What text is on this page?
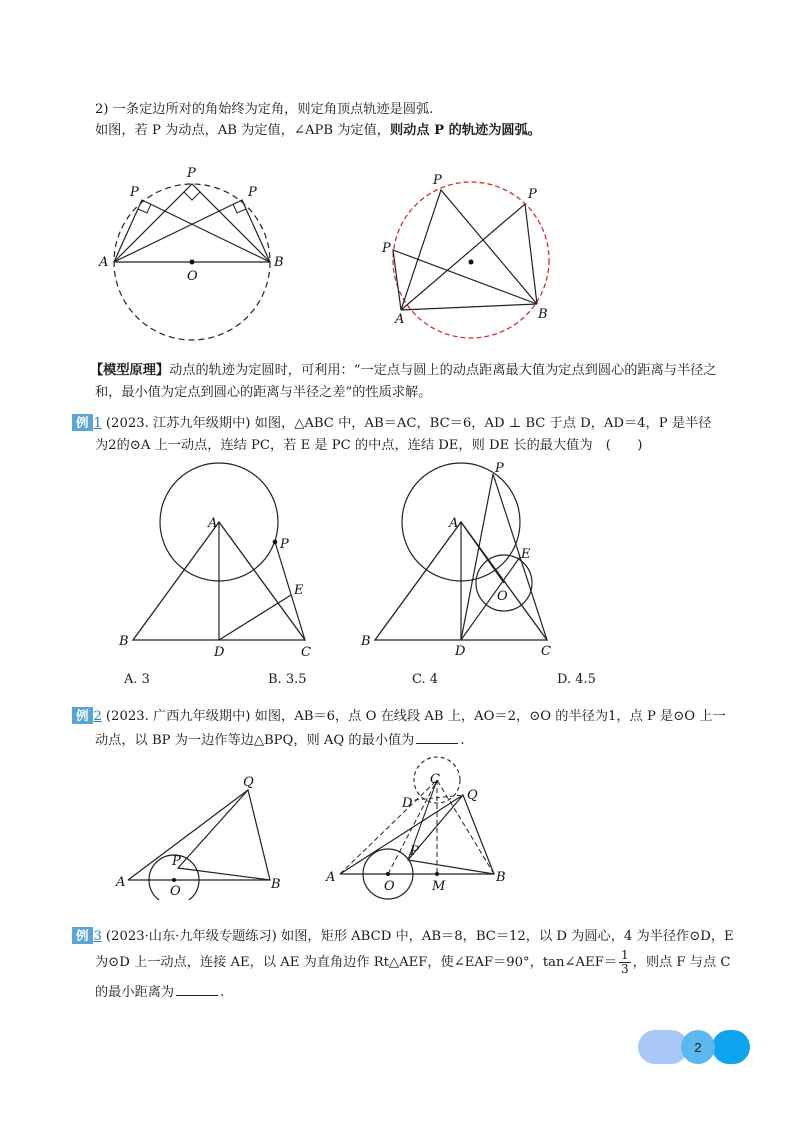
2) 一条定边所对的角始终为定角，则定角顶点轨迹是圆弧.
如图，若 P 为动点，AB 为定值，∠APB 为定值，则动点 P 的轨迹为圆弧。
A	B
O
P
P	P
A	B
P
P
P
【模型原理】动点的轨迹为定圆时，可利用：“一定点与圆上的动点距离最大值为定点到圆心的距离与半径之
和，最小值为定点到圆心的距离与半径之差”的性质求解。
例 1 (2023. 江苏九年级期中) 如图，△ABC 中，AB＝AC，BC＝6，AD ⊥ BC 于点 D，AD＝4，P 是半径
为2的⊙A 上一动点，连结 PC，若 E 是 PC 的中点，连结 DE，则 DE 长的最大值为　(　　)
A
P
E
B
D	C
P
A
E
O
B
D	C
A. 3	B. 3.5	C. 4	D. 4.5
例 2 (2023. 广西九年级期中) 如图，AB＝6，点 O 在线段 AB 上，AO＝2，⊙O 的半径为1，点 P 是⊙O 上一
动点，以 BP 为一边作等边△BPQ，则 AQ 的最小值为	.
Q
P
A
O	B
C
D
Q
P
A
O	M
B
例 3 (2023·山东·九年级专题练习) 如图，矩形 ABCD 中，AB＝8，BC＝12，以 D 为圆心，4 为半径作⊙D，E
为⊙D 上一动点，连接 AE，以 AE 为直角边作 Rt△AEF，使∠EAF＝90°，tan∠AEF＝ $\frac{1}{3}$ ，则点 F 与点 C
的最小距离为	.
2
